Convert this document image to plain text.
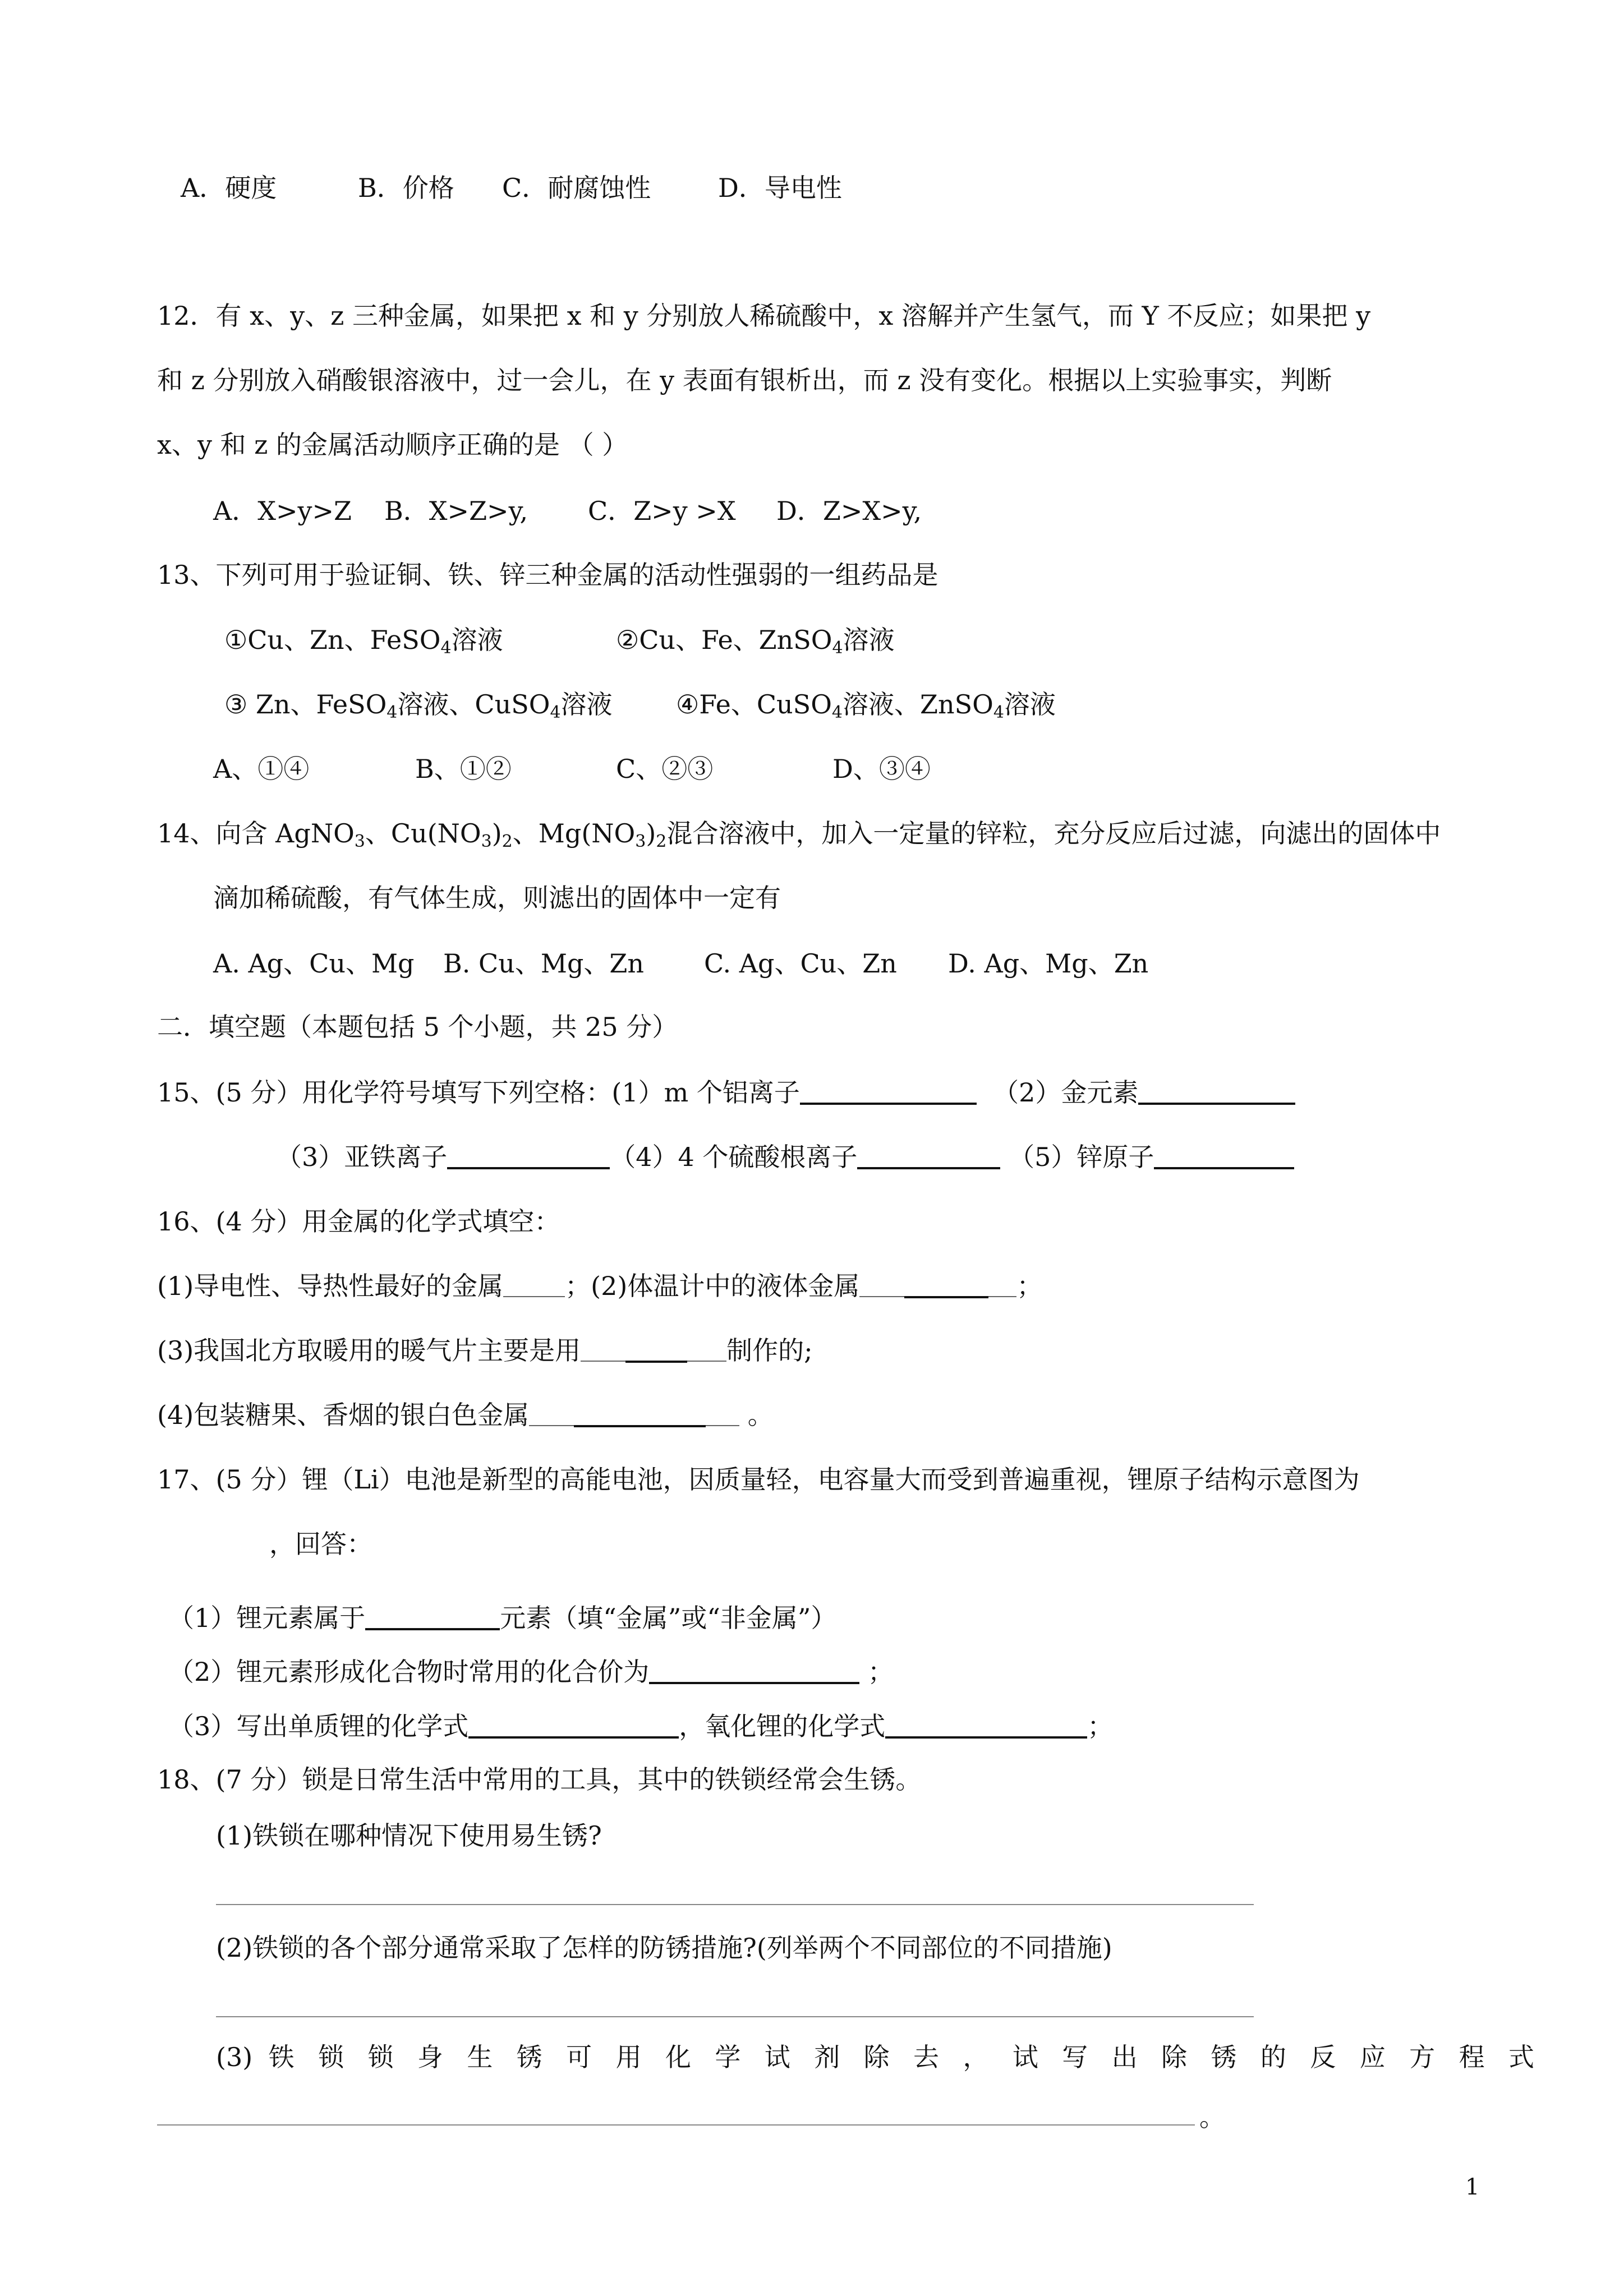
A．硬度	B．价格 C．耐腐蚀性	D．导电性
12．有 x、y、z 三种金属，如果把 x 和 y 分别放人稀硫酸中，x 溶解并产生氢气，而 Y 不反应；如果把 y
和 z 分别放入硝酸银溶液中，过一会儿，在 y 表面有银析出，而 z 没有变化。根据以上实验事实，判断
x、y 和 z 的金属活动顺序正确的是 （ ）
A．X>y>Z B．X>Z>y, C．Z>y >X D．Z>X>y,
13、下列可用于验证铜、铁、锌三种金属的活动性强弱的一组药品是
①Cu、Zn、FeSO$_4$溶液	②Cu、Fe、ZnSO$_4$溶液
③ Zn、FeSO$_4$溶液、CuSO$_4$溶液 ④Fe、CuSO$_4$溶液、ZnSO$_4$溶液
A、①④	B、①②	C、②③	D、③④
14、向含 AgNO$_3$、$Cu(NO_3)_2$、$Mg(NO_3)_2$混合溶液中，加入一定量的锌粒，充分反应后过滤，向滤出的固体中
滴加稀硫酸，有气体生成，则滤出的固体中一定有
A. Ag、Cu、Mg B. Cu、Mg、Zn C. Ag、Cu、Zn D. Ag、Mg、Zn
二．填空题（本题包括 5 个小题，共 25 分）
15、(5 分）用化学符号填写下列空格：(1）m 个铝离子	（2）金元素
（3）亚铁离子	（4）4 个硫酸根离子	（5）锌原子
16、(4 分）用金属的化学式填空：
(1)导电性、导热性最好的金属 ；(2)体温计中的液体金属	；
(3)我国北方取暖用的暖气片主要是用	制作的;
(4)包装糖果、香烟的银白色金属	。
17、(5 分）锂（Li）电池是新型的高能电池，因质量轻，电容量大而受到普遍重视，锂原子结构示意图为
，回答：
（1）锂元素属于	元素（填“金属”或“非金属”）
（2）锂元素形成化合物时常用的化合价为	；
（3）写出单质锂的化学式	，氧化锂的化学式	；
18、(7 分）锁是日常生活中常用的工具，其中的铁锁经常会生锈。
(1)铁锁在哪种情况下使用易生锈?
(2)铁锁的各个部分通常采取了怎样的防锈措施?(列举两个不同部位的不同措施)
(3) 铁 锁 锁 身 生 锈 可 用 化 学 试 剂 除 去 ， 试 写 出 除 锈 的 反 应 方 程 式
。
1
